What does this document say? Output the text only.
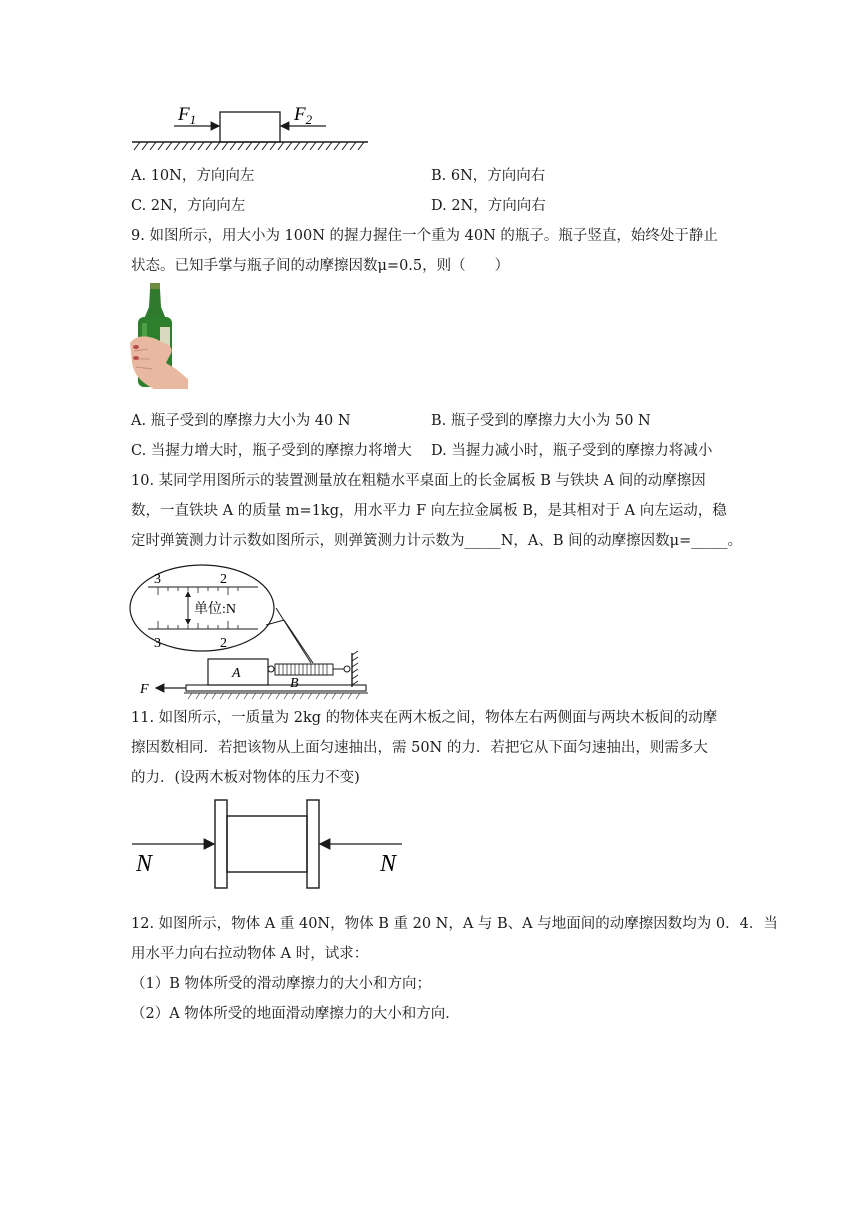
$F_1$	$F_2$
A. 10N，方向向左	B. 6N，方向向右
C. 2N，方向向左	D. 2N，方向向右
9. 如图所示，用大小为 100N 的握力握住一个重为 40N 的瓶子。瓶子竖直，始终处于静止
状态。已知手掌与瓶子间的动摩擦因数μ=0.5，则（　　）
A. 瓶子受到的摩擦力大小为 40 N	B. 瓶子受到的摩擦力大小为 50 N
C. 当握力增大时，瓶子受到的摩擦力将增大 D. 当握力减小时，瓶子受到的摩擦力将减小
10. 某同学用图所示的装置测量放在粗糙水平桌面上的长金属板 B 与铁块 A 间的动摩擦因
数，一直铁块 A 的质量 m=1kg，用水平力 F 向左拉金属板 B，是其相对于 A 向左运动，稳
定时弹簧测力计示数如图所示，则弹簧测力计示数为_____N，A、B 间的动摩擦因数μ=_____。
3	2
单位:N
3	2
A
B
F
11. 如图所示，一质量为 2kg 的物体夹在两木板之间，物体左右两侧面与两块木板间的动摩
擦因数相同．若把该物从上面匀速抽出，需 50N 的力．若把它从下面匀速抽出，则需多大
的力．(设两木板对物体的压力不变)
N	N
12. 如图所示，物体 A 重 40N，物体 B 重 20 N，A 与 B、A 与地面间的动摩擦因数均为 0．4．当
用水平力向右拉动物体 A 时，试求：
（1）B 物体所受的滑动摩擦力的大小和方向；
（2）A 物体所受的地面滑动摩擦力的大小和方向．
